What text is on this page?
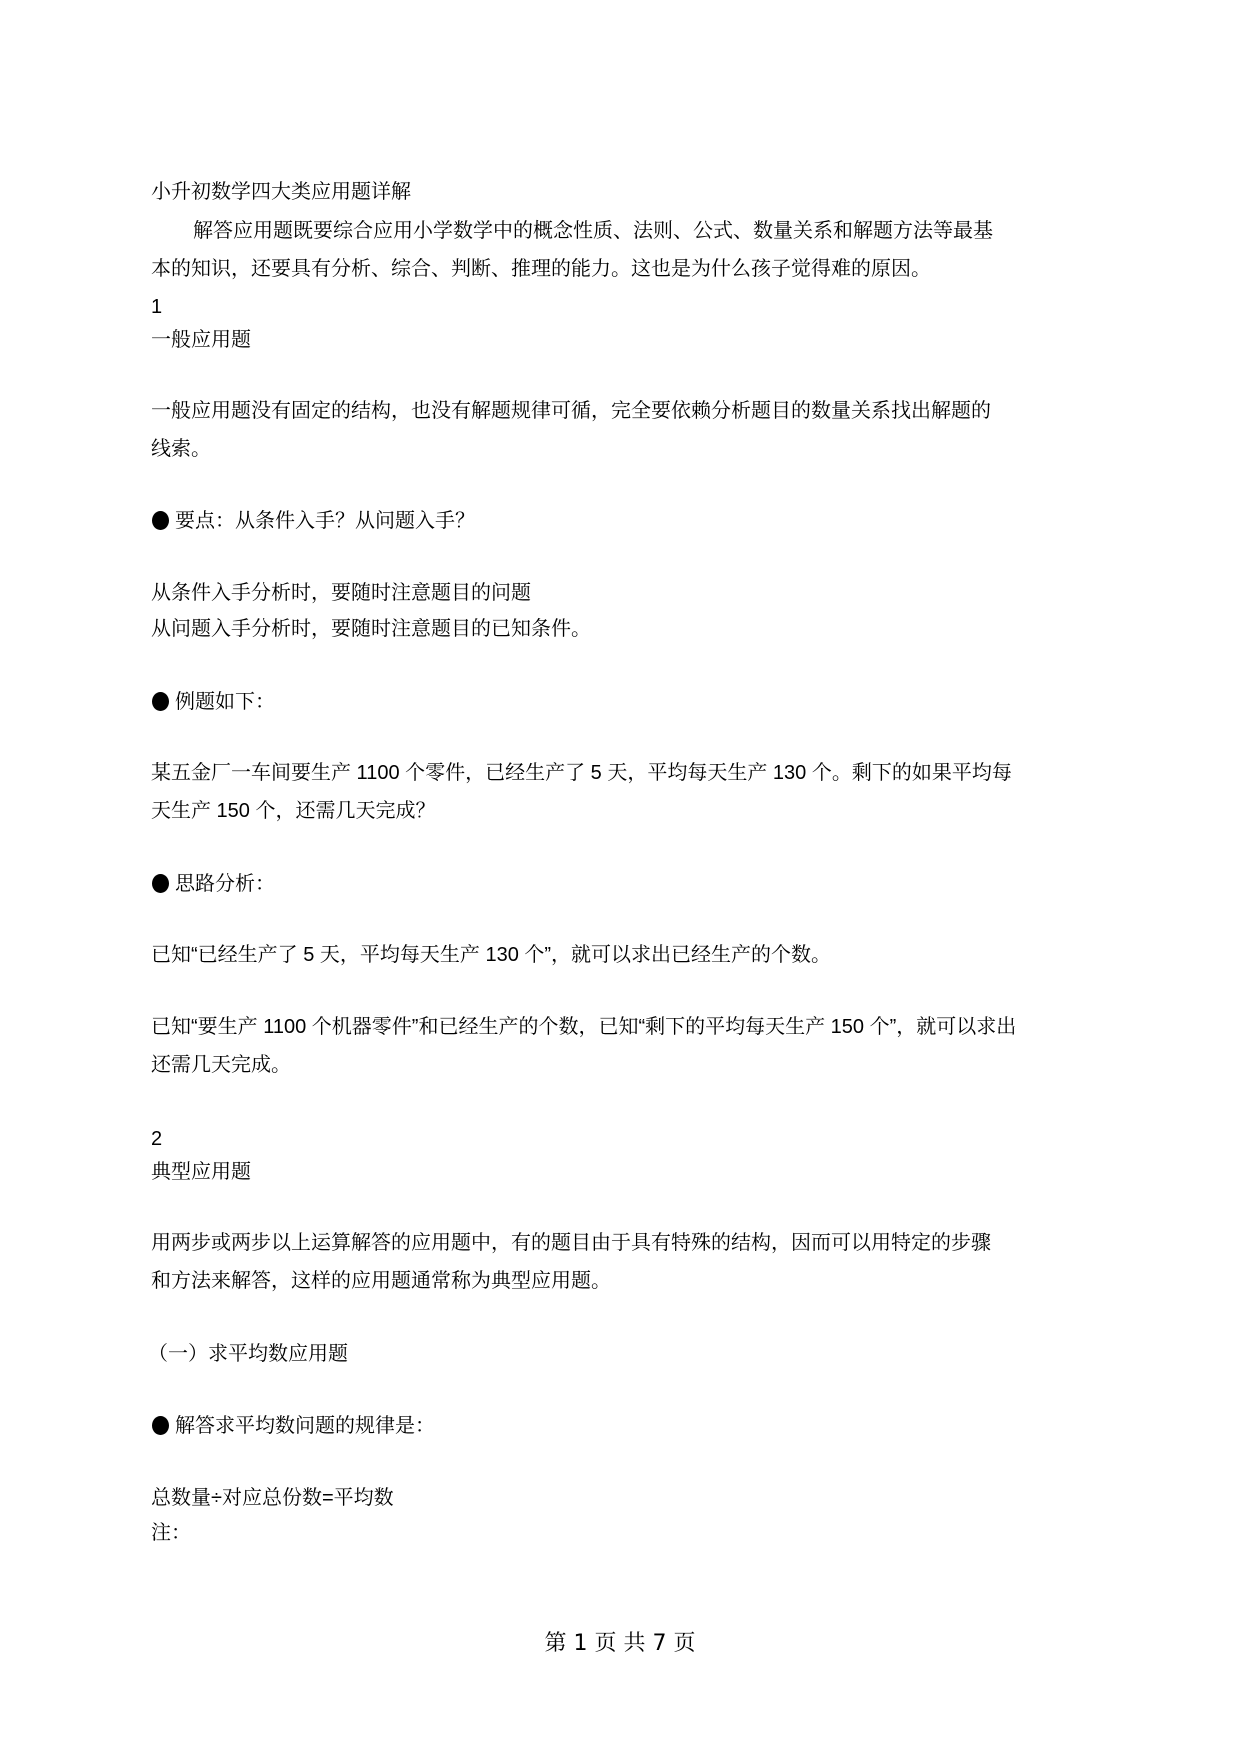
小升初数学四大类应用题详解
解答应用题既要综合应用小学数学中的概念性质、法则、公式、数量关系和解题方法等最基
本的知识，还要具有分析、综合、判断、推理的能力。这也是为什么孩子觉得难的原因。
1
一般应用题
一般应用题没有固定的结构，也没有解题规律可循，完全要依赖分析题目的数量关系找出解题的
线索。
要点：从条件入手？从问题入手？
从条件入手分析时，要随时注意题目的问题
从问题入手分析时，要随时注意题目的已知条件。
例题如下：
某五金厂一车间要生产 1100 个零件，已经生产了 5 天，平均每天生产 130 个。剩下的如果平均每
天生产 150 个，还需几天完成？
思路分析：
已知“已经生产了 5 天，平均每天生产 130 个”，就可以求出已经生产的个数。
已知“要生产 1100 个机器零件”和已经生产的个数，已知“剩下的平均每天生产 150 个”，就可以求出
还需几天完成。
2
典型应用题
用两步或两步以上运算解答的应用题中，有的题目由于具有特殊的结构，因而可以用特定的步骤
和方法来解答，这样的应用题通常称为典型应用题。
（一）求平均数应用题
解答求平均数问题的规律是：
总数量÷对应总份数=平均数
注：
第 1 页 共 7 页
